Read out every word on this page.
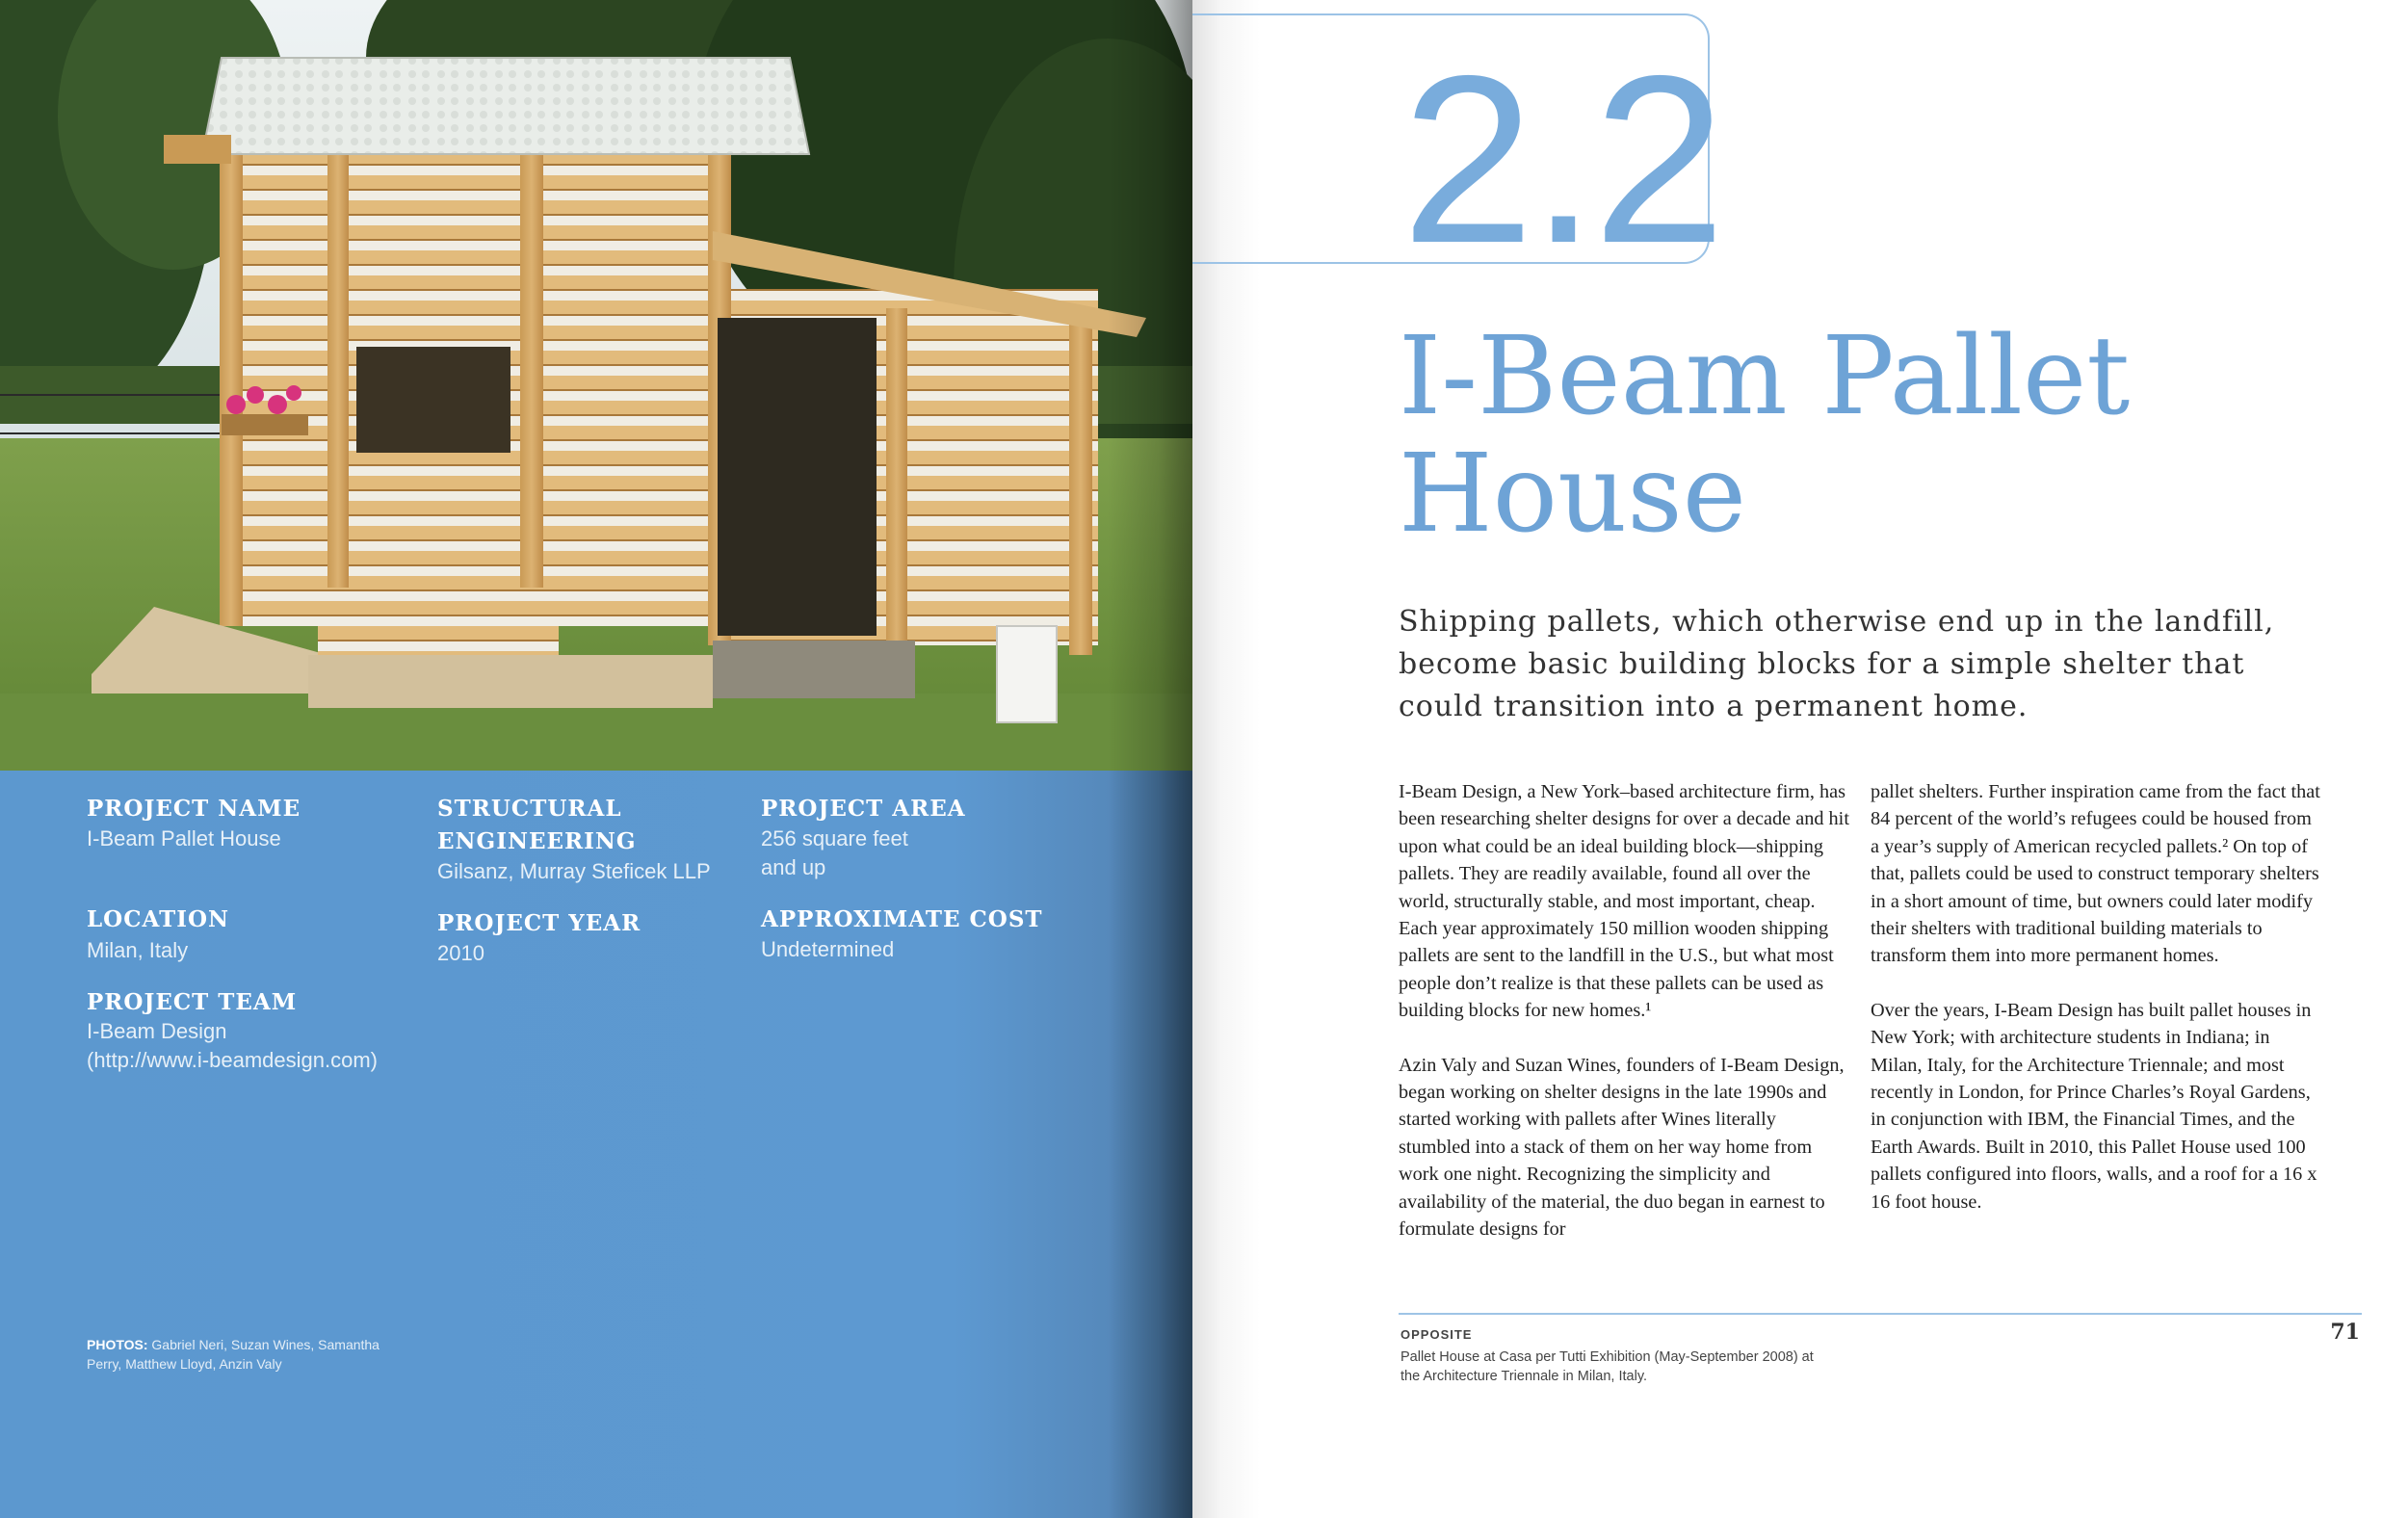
PROJECT NAME
I-Beam Pallet House
LOCATION
Milan, Italy
PROJECT TEAM
I-Beam Design
(http://www.i-beamdesign.com)
STRUCTURAL
ENGINEERING
Gilsanz, Murray Steficek LLP
PROJECT YEAR
2010
PROJECT AREA
256 square feet
and up
APPROXIMATE COST
Undetermined
PHOTOS: Gabriel Neri, Suzan Wines, Samantha Perry, Matthew Lloyd, Anzin Valy
2.2
I-Beam Pallet House
Shipping pallets, which otherwise end up in the landfill, become basic building blocks for a simple shelter that could transition into a permanent home.

I-Beam Design, a New York–based architecture firm, has been researching shelter designs for over a decade and hit upon what could be an ideal building block—shipping pallets. They are readily available, found all over the world, structurally stable, and most important, cheap. Each year approximately 150 million wooden shipping pallets are sent to the landfill in the U.S., but what most people don’t realize is that these pallets can be used as building blocks for new homes.¹

Azin Valy and Suzan Wines, founders of I-Beam Design, began working on shelter designs in the late 1990s and started working with pallets after Wines literally stumbled into a stack of them on her way home from work one night. Recognizing the simplicity and availability of the material, the duo began in earnest to formulate designs for

pallet shelters. Further inspiration came from the fact that 84 percent of the world’s refugees could be housed from a year’s supply of American recycled pallets.² On top of that, pallets could be used to construct temporary shelters in a short amount of time, but owners could later modify their shelters with traditional building materials to transform them into more permanent homes.

Over the years, I-Beam Design has built pallet houses in New York; with architecture students in Indiana; in Milan, Italy, for the Architecture Triennale; and most recently in London, for Prince Charles’s Royal Gardens, in conjunction with IBM, the Financial Times, and the Earth Awards. Built in 2010, this Pallet House used 100 pallets configured into floors, walls, and a roof for a 16 x 16 foot house.

OPPOSITE
Pallet House at Casa per Tutti Exhibition (May-September 2008) at the Architecture Triennale in Milan, Italy.
71
